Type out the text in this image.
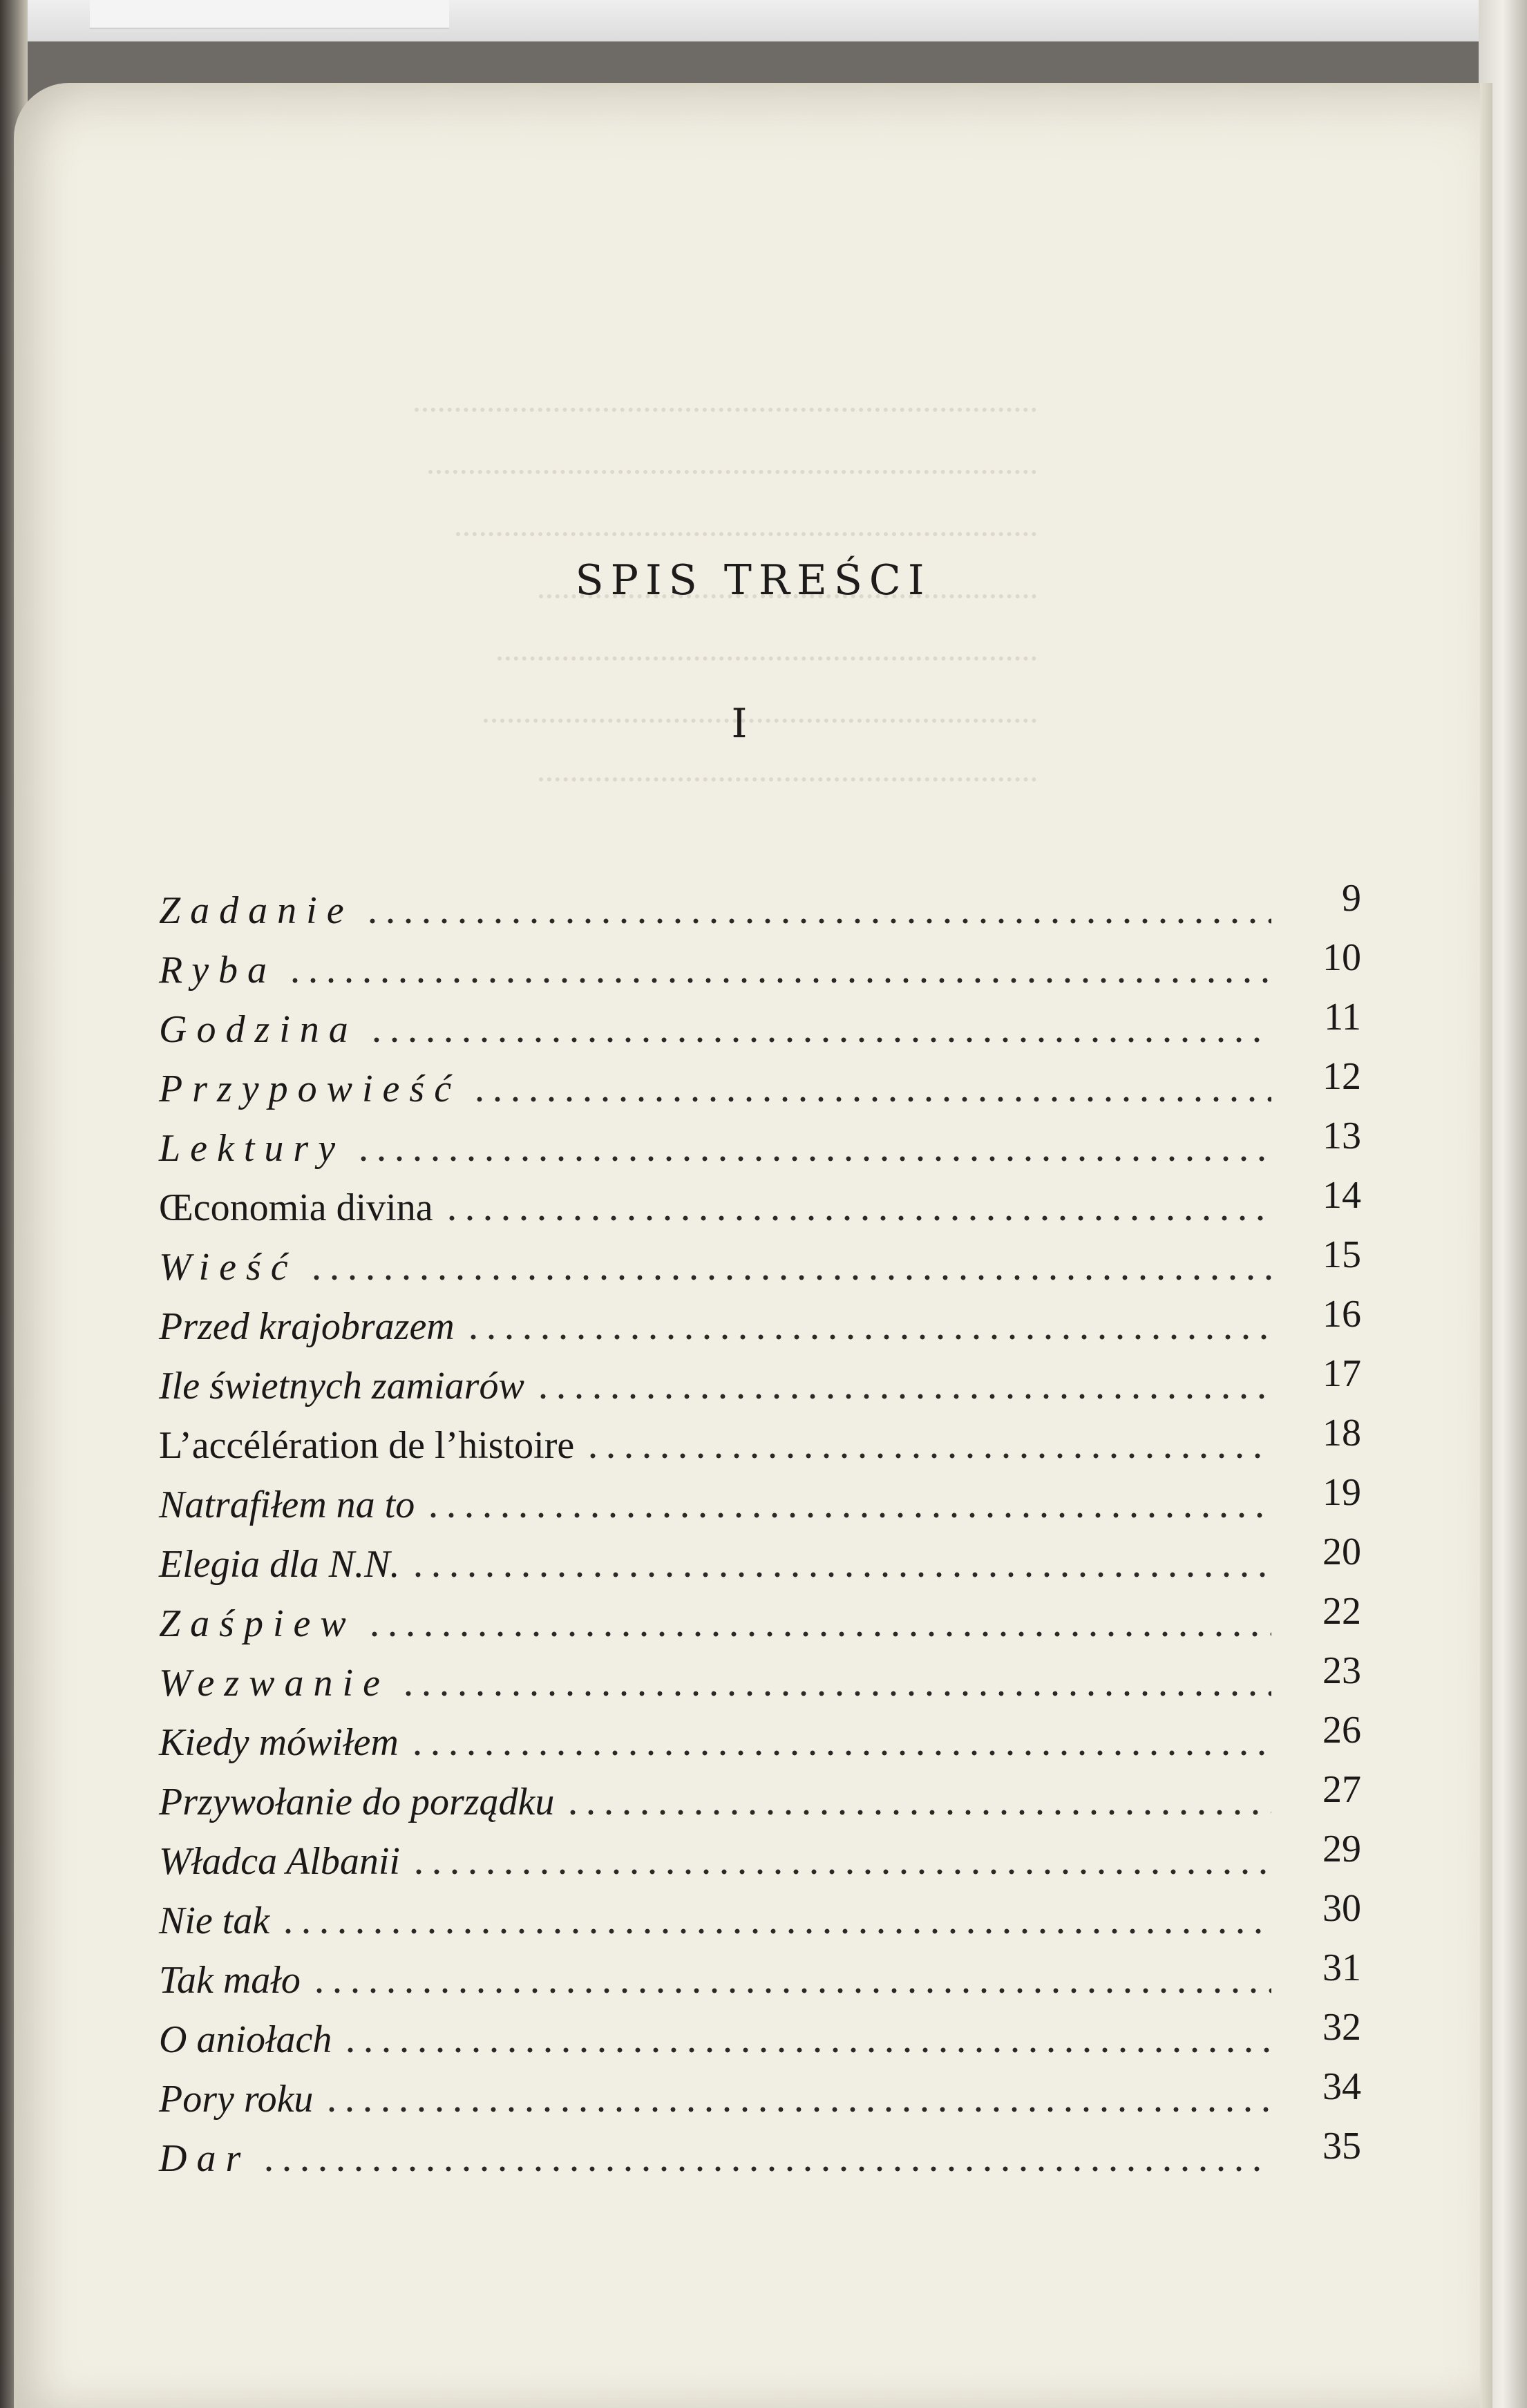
SPIS TREŚCI
I
Zadanie	9
Ryba	10
Godzina	11
Przypowieść	12
Lektury	13
Œconomia divina	14
Wieść	15
Przed krajobrazem	16
Ile świetnych zamiarów	17
L’accélération de l’histoire	18
Natrafiłem na to	19
Elegia dla N.N.	20
Zaśpiew	22
Wezwanie	23
Kiedy mówiłem	26
Przywołanie do porządku	27
Władca Albanii	29
Nie tak	30
Tak mało	31
O aniołach	32
Pory roku	34
Dar	35
